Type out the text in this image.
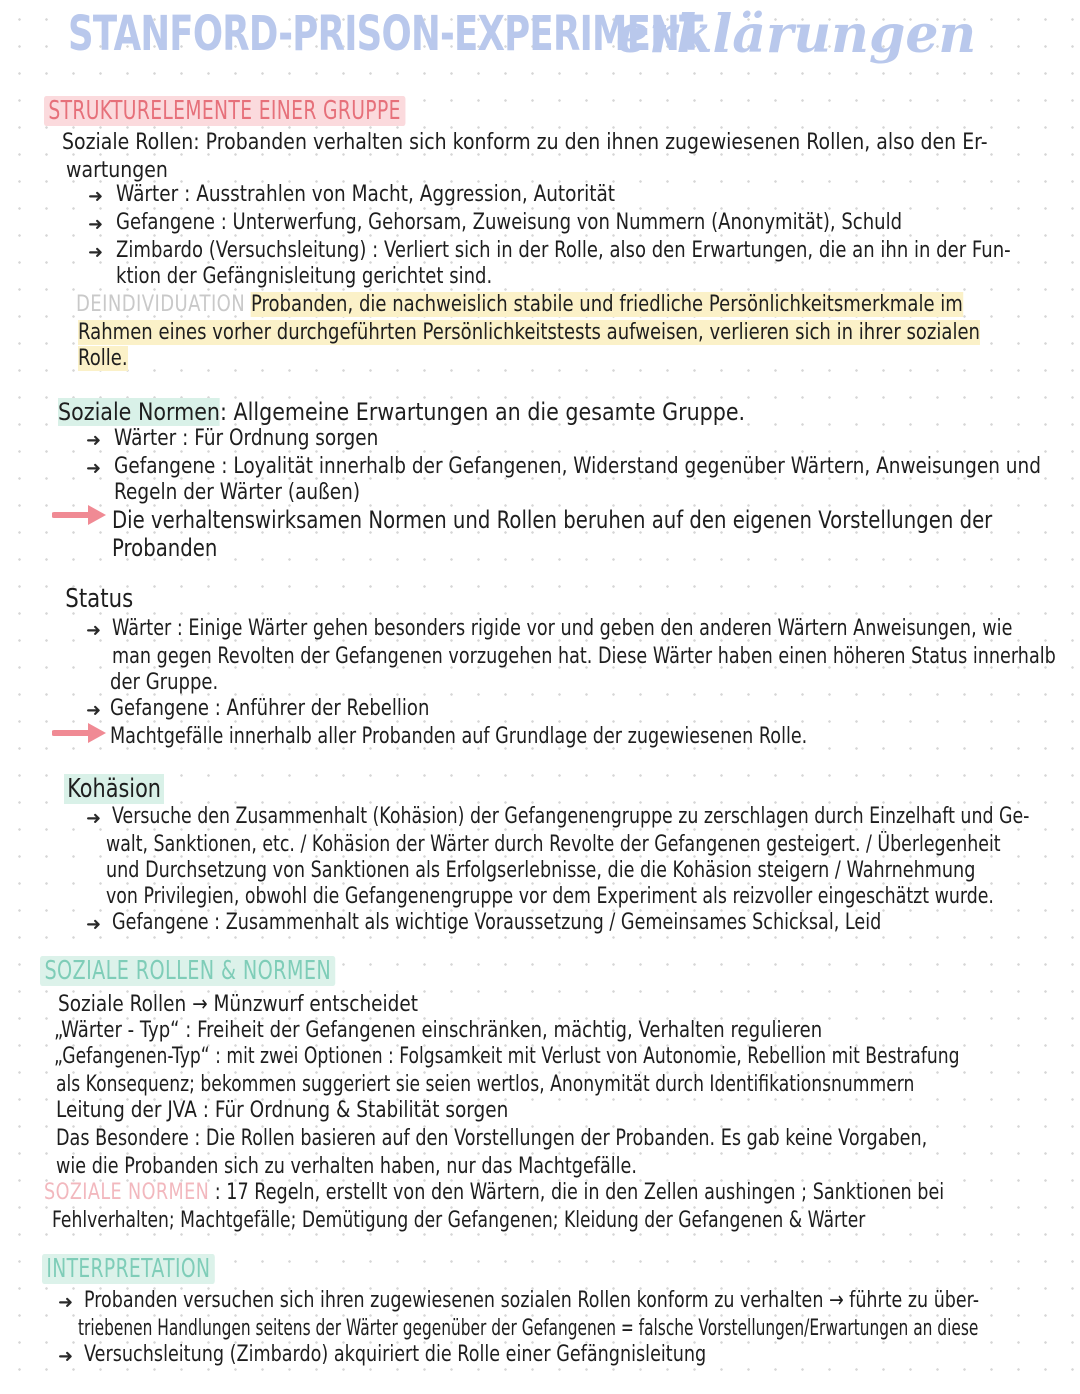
STANFORD-PRISON-EXPERIMENT
erklärungen
STRUKTURELEMENTE EINER GRUPPE
Soziale Rollen: Probanden verhalten sich konform zu den ihnen zugewiesenen Rollen, also den Er-
wartungen
➜ Wärter : Ausstrahlen von Macht, Aggression, Autorität
➜ Gefangene : Unterwerfung, Gehorsam, Zuweisung von Nummern (Anonymität), Schuld
➜ Zimbardo (Versuchsleitung) : Verliert sich in der Rolle, also den Erwartungen, die an ihn in der Fun-
ktion der Gefängnisleitung gerichtet sind.
DEINDIVIDUATION Probanden, die nachweislich stabile und friedliche Persönlichkeitsmerkmale im
Rahmen eines vorher durchgeführten Persönlichkeitstests aufweisen, verlieren sich in ihrer sozialen
Rolle.
Soziale Normen: Allgemeine Erwartungen an die gesamte Gruppe.
➜ Wärter : Für Ordnung sorgen
➜ Gefangene : Loyalität innerhalb der Gefangenen, Widerstand gegenüber Wärtern, Anweisungen und
Regeln der Wärter (außen)
Die verhaltenswirksamen Normen und Rollen beruhen auf den eigenen Vorstellungen der
Probanden
Status
➜ Wärter : Einige Wärter gehen besonders rigide vor und geben den anderen Wärtern Anweisungen, wie
man gegen Revolten der Gefangenen vorzugehen hat. Diese Wärter haben einen höheren Status innerhalb
der Gruppe.
➜ Gefangene : Anführer der Rebellion
Machtgefälle innerhalb aller Probanden auf Grundlage der zugewiesenen Rolle.
Kohäsion
➜ Versuche den Zusammenhalt (Kohäsion) der Gefangenengruppe zu zerschlagen durch Einzelhaft und Ge-
walt, Sanktionen, etc. / Kohäsion der Wärter durch Revolte der Gefangenen gesteigert. / Überlegenheit
und Durchsetzung von Sanktionen als Erfolgserlebnisse, die die Kohäsion steigern / Wahrnehmung
von Privilegien, obwohl die Gefangenengruppe vor dem Experiment als reizvoller eingeschätzt wurde.
➜ Gefangene : Zusammenhalt als wichtige Voraussetzung / Gemeinsames Schicksal, Leid
SOZIALE ROLLEN & NORMEN
Soziale Rollen → Münzwurf entscheidet
„Wärter - Typ“ : Freiheit der Gefangenen einschränken, mächtig, Verhalten regulieren
„Gefangenen-Typ“ : mit zwei Optionen : Folgsamkeit mit Verlust von Autonomie, Rebellion mit Bestrafung
als Konsequenz; bekommen suggeriert sie seien wertlos, Anonymität durch Identifikationsnummern
Leitung der JVA : Für Ordnung & Stabilität sorgen
Das Besondere : Die Rollen basieren auf den Vorstellungen der Probanden. Es gab keine Vorgaben,
wie die Probanden sich zu verhalten haben, nur das Machtgefälle.
SOZIALE NORMEN : 17 Regeln, erstellt von den Wärtern, die in den Zellen aushingen ; Sanktionen bei
Fehlverhalten; Machtgefälle; Demütigung der Gefangenen; Kleidung der Gefangenen & Wärter
INTERPRETATION
➜ Probanden versuchen sich ihren zugewiesenen sozialen Rollen konform zu verhalten → führte zu über-
triebenen Handlungen seitens der Wärter gegenüber der Gefangenen = falsche Vorstellungen/Erwartungen an diese
➜ Versuchsleitung (Zimbardo) akquiriert die Rolle einer Gefängnisleitung
